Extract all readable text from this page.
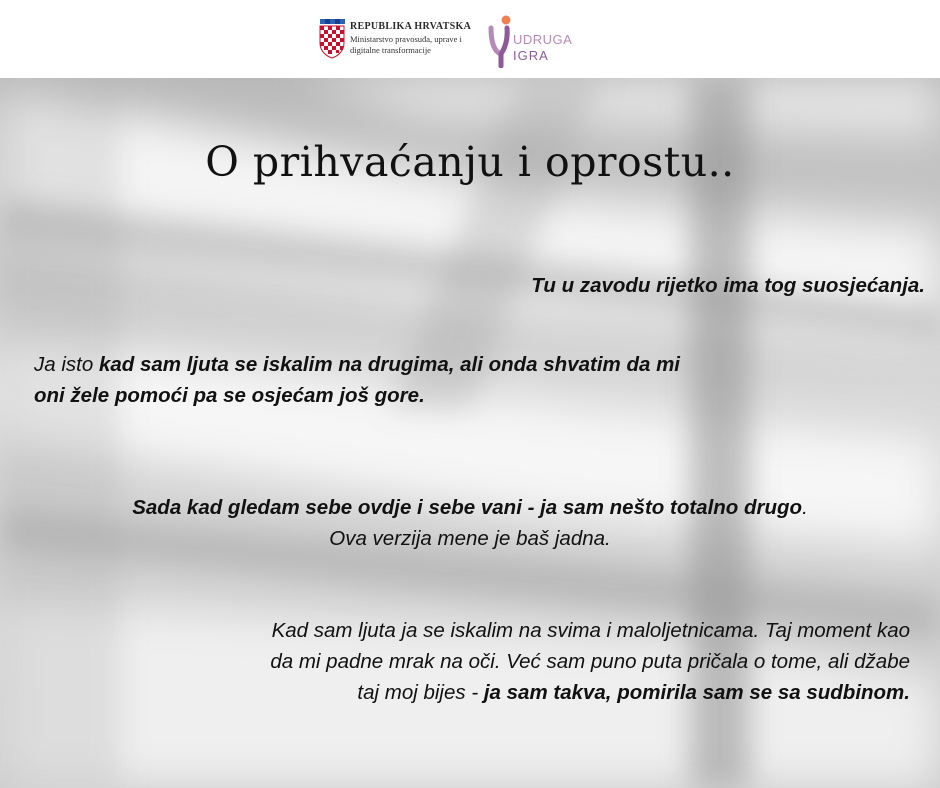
REPUBLIKA HRVATSKA
Ministarstvo pravosuđa, uprave i
digitalne transformacije
UDRUGA
IGRA
O prihvaćanju i oprostu..
Tu u zavodu rijetko ima tog suosjećanja.
Ja isto kad sam ljuta se iskalim na drugima, ali onda shvatim da mi
oni žele pomoći pa se osjećam još gore.
Sada kad gledam sebe ovdje i sebe vani - ja sam nešto totalno drugo.
Ova verzija mene je baš jadna.
Kad sam ljuta ja se iskalim na svima i maloljetnicama. Taj moment kao
da mi padne mrak na oči. Već sam puno puta pričala o tome, ali džabe
taj moj bijes - ja sam takva, pomirila sam se sa sudbinom.
